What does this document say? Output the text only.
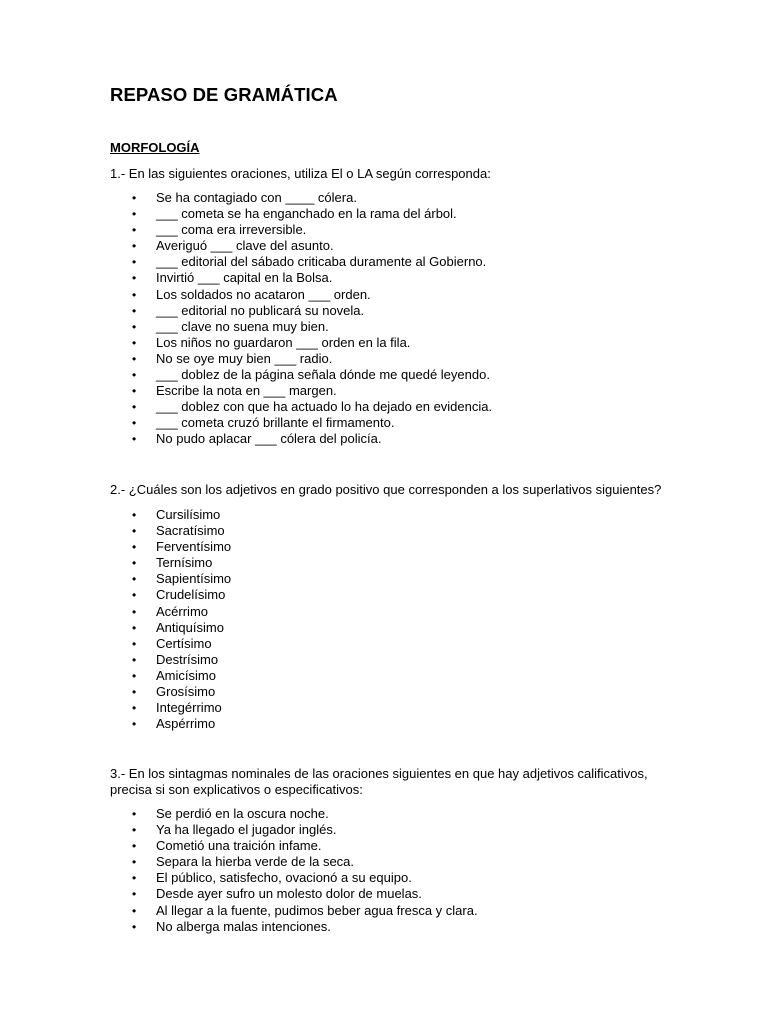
REPASO DE GRAMÁTICA
MORFOLOGÍA
1.- En las siguientes oraciones, utiliza El o LA según corresponda:
• Se ha contagiado con ____ cólera.
• ___ cometa se ha enganchado en la rama del árbol.
• ___ coma era irreversible.
• Averiguó ___ clave del asunto.
• ___ editorial del sábado criticaba duramente al Gobierno.
• Invirtió ___ capital en la Bolsa.
• Los soldados no acataron ___ orden.
• ___ editorial no publicará su novela.
• ___ clave no suena muy bien.
• Los niños no guardaron ___ orden en la fila.
• No se oye muy bien ___ radio.
• ___ doblez de la página señala dónde me quedé leyendo.
• Escribe la nota en ___ margen.
• ___ doblez con que ha actuado lo ha dejado en evidencia.
• ___ cometa cruzó brillante el firmamento.
• No pudo aplacar ___ cólera del policía.
2.- ¿Cuáles son los adjetivos en grado positivo que corresponden a los superlativos siguientes?
• Cursilísimo
• Sacratísimo
• Ferventísimo
• Ternísimo
• Sapientísimo
• Crudelísimo
• Acérrimo
• Antiquísimo
• Certísimo
• Destrísimo
• Amicísimo
• Grosísimo
• Integérrimo
• Aspérrimo
3.- En los sintagmas nominales de las oraciones siguientes en que hay adjetivos calificativos,
precisa si son explicativos o especificativos:
• Se perdió en la oscura noche.
• Ya ha llegado el jugador inglés.
• Cometió una traición infame.
• Separa la hierba verde de la seca.
• El público, satisfecho, ovacionó a su equipo.
• Desde ayer sufro un molesto dolor de muelas.
• Al llegar a la fuente, pudimos beber agua fresca y clara.
• No alberga malas intenciones.
